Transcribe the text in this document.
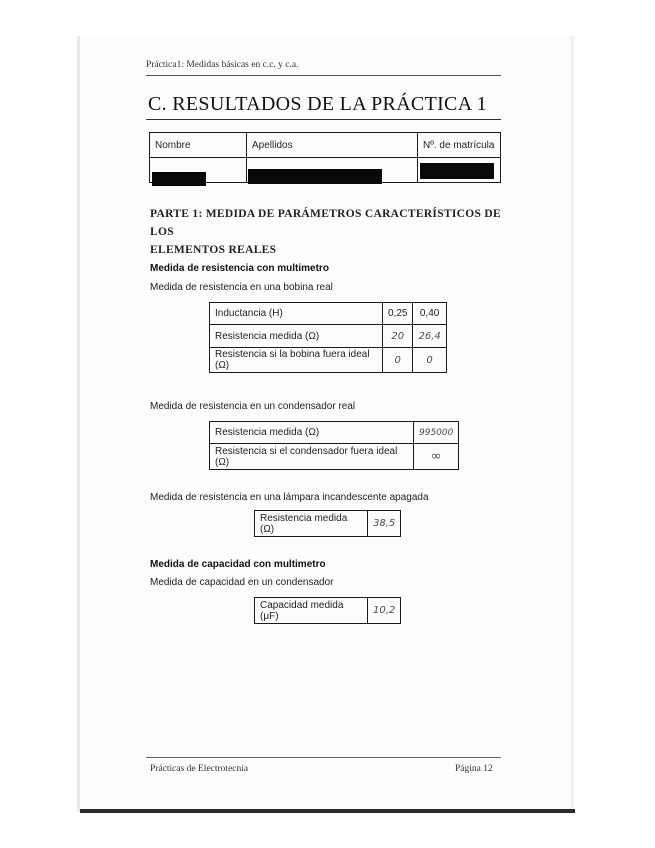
Práctica1: Medidas básicas en c.c. y c.a.
C. RESULTADOS DE LA PRÁCTICA 1
Nombre	Apellidos	Nº. de matrícula

PARTE 1: MEDIDA DE PARÁMETROS CARACTERÍSTICOS DE LOS
ELEMENTOS REALES
Medida de resistencia con multimetro
Medida de resistencia en una bobina real
Inductancia (H)	0,25	0,40
Resistencia medida (Ω)	20	26,4
Resistencia si la bobina fuera ideal (Ω)	0	0
Medida de resistencia en un condensador real
Resistencia medida (Ω)	995000
Resistencia si el condensador fuera ideal (Ω)	∞
Medida de resistencia en una lámpara incandescente apagada
Resistencia medida (Ω)	38,5
Medida de capacidad con multimetro
Medida de capacidad en un condensador
Capacidad medida (μF)	10,2
Prácticas de Electrotecnia	Página 12
